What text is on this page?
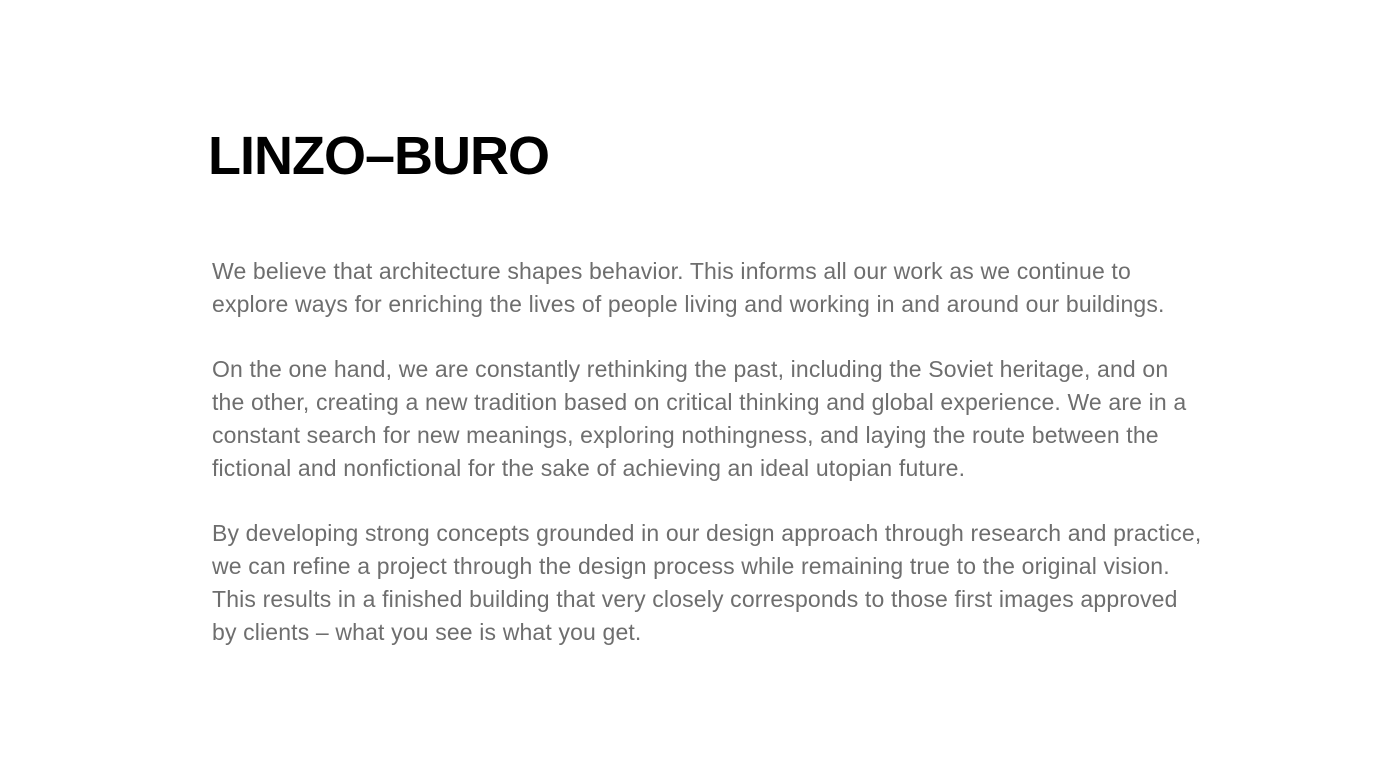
LINZO–BURO

We believe that architecture shapes behavior. This informs all our work as we continue to explore ways for enriching the lives of people living and working in and around our buildings.

On the one hand, we are constantly rethinking the past, including the Soviet heritage, and on the other, creating a new tradition based on critical thinking and global experience. We are in a constant search for new meanings, exploring nothingness, and laying the route between the fictional and nonfictional for the sake of achieving an ideal utopian future.

By developing strong concepts grounded in our design approach through research and practice, we can refine a project through the design process while remaining true to the original vision. This results in a finished building that very closely corresponds to those first images approved by clients – what you see is what you get.
